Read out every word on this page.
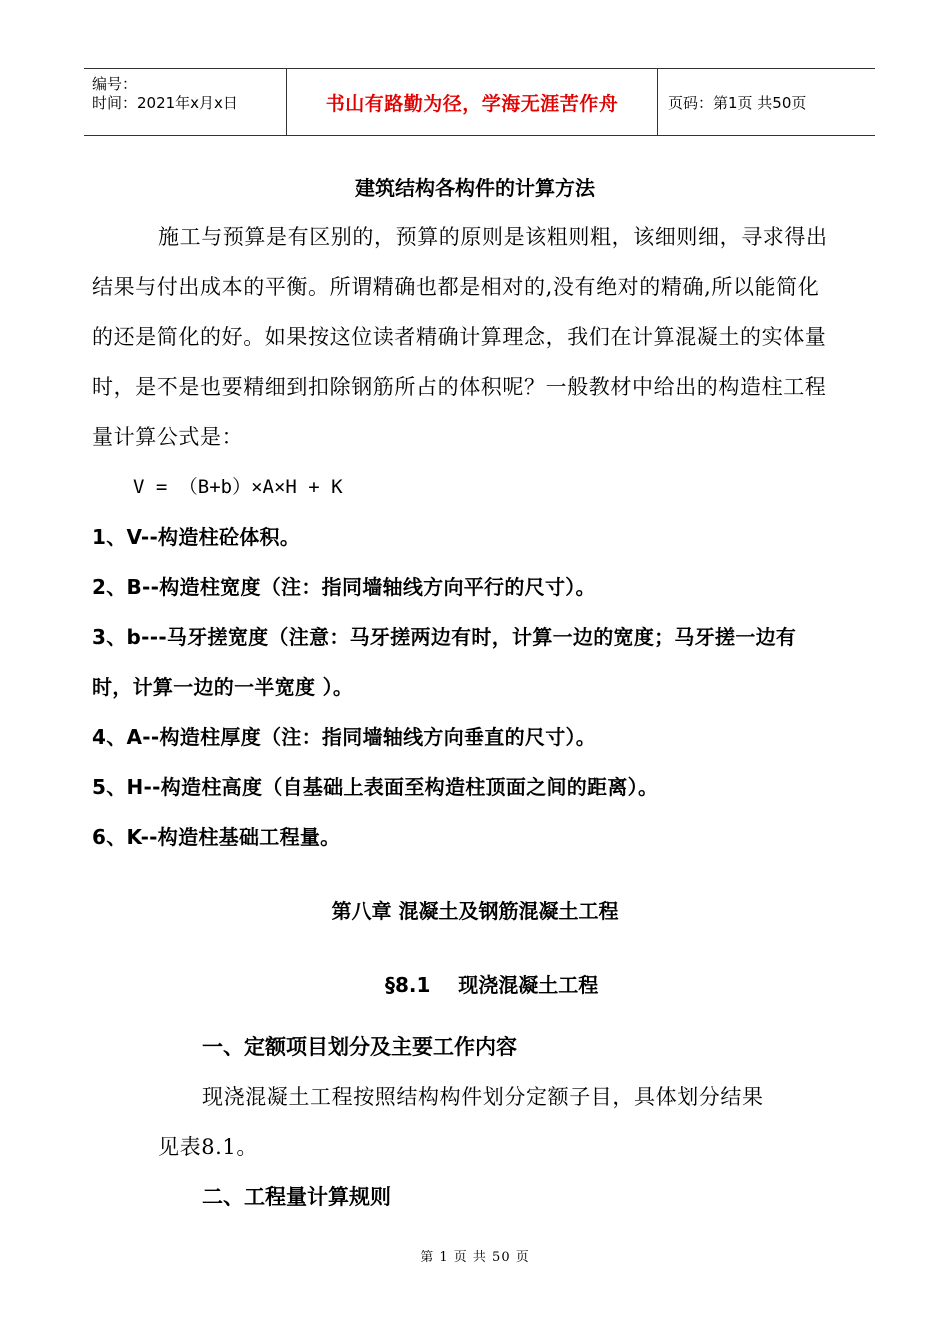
编号：
时间：2021年x月x日	书山有路勤为径，学海无涯苦作舟	页码：第1页 共50页
建筑结构各构件的计算方法
施工与预算是有区别的，预算的原则是该粗则粗，该细则细，寻求得出
结果与付出成本的平衡。所谓精确也都是相对的,没有绝对的精确,所以能简化
的还是简化的好。如果按这位读者精确计算理念，我们在计算混凝土的实体量
时，是不是也要精细到扣除钢筋所占的体积呢？一般教材中给出的构造柱工程
量计算公式是：
V = （B+b）×A×H + K
1、V--构造柱砼体积。
2、B--构造柱宽度（注：指同墙轴线方向平行的尺寸）。
3、b---马牙搓宽度（注意：马牙搓两边有时，计算一边的宽度；马牙搓一边有
时，计算一边的一半宽度 ）。
4、A--构造柱厚度（注：指同墙轴线方向垂直的尺寸）。
5、H--构造柱高度（自基础上表面至构造柱顶面之间的距离）。
6、K--构造柱基础工程量。
第八章 混凝土及钢筋混凝土工程
§8.1    现浇混凝土工程
一、定额项目划分及主要工作内容
现浇混凝土工程按照结构构件划分定额子目，具体划分结果
见表8.1。
二、工程量计算规则
第 1 页 共 50 页
